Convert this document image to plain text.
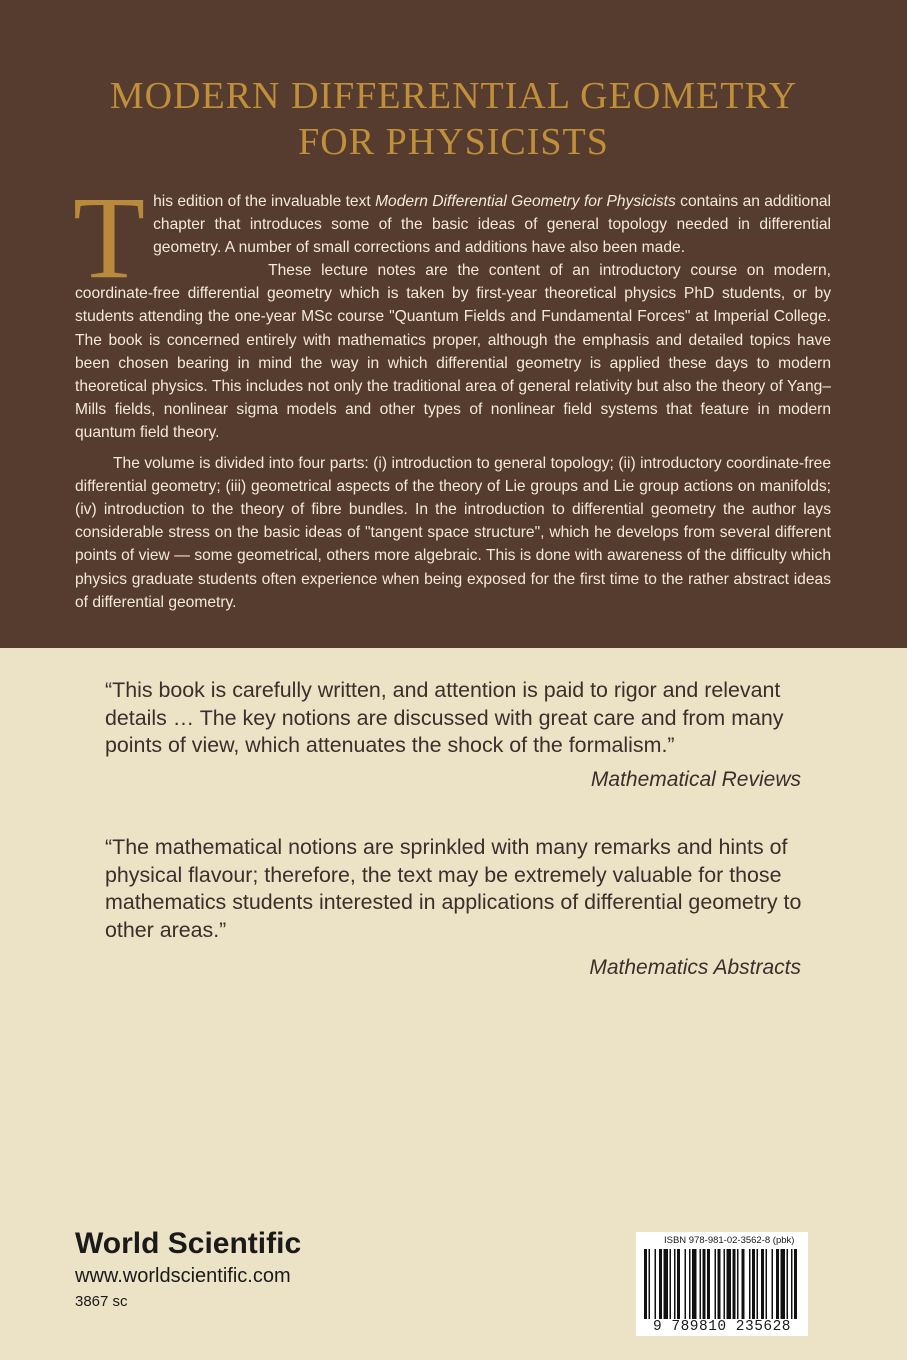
MODERN DIFFERENTIAL GEOMETRY
FOR PHYSICISTS

This edition of the invaluable text Modern Differential Geometry for Physicists contains an additional chapter that introduces some of the basic ideas of general topology needed in differential geometry. A number of small corrections and additions have also been made.

These lecture notes are the content of an introductory course on modern, coordinate-free differential geometry which is taken by first-year theoretical physics PhD students, or by students attending the one-year MSc course "Quantum Fields and Fundamental Forces" at Imperial College. The book is concerned entirely with mathematics proper, although the emphasis and detailed topics have been chosen bearing in mind the way in which differential geometry is applied these days to modern theoretical physics. This includes not only the traditional area of general relativity but also the theory of Yang–Mills fields, nonlinear sigma models and other types of nonlinear field systems that feature in modern quantum field theory.

The volume is divided into four parts: (i) introduction to general topology; (ii) introductory coordinate-free differential geometry; (iii) geometrical aspects of the theory of Lie groups and Lie group actions on manifolds; (iv) introduction to the theory of fibre bundles. In the introduction to differential geometry the author lays considerable stress on the basic ideas of "tangent space structure", which he develops from several different points of view — some geometrical, others more algebraic. This is done with awareness of the difficulty which physics graduate students often experience when being exposed for the first time to the rather abstract ideas of differential geometry.

“This book is carefully written, and attention is paid to rigor and relevant details … The key notions are discussed with great care and from many points of view, which attenuates the shock of the formalism.”
Mathematical Reviews
“The mathematical notions are sprinkled with many remarks and hints of physical flavour; therefore, the text may be extremely valuable for those mathematics students interested in applications of differential geometry to other areas.”
Mathematics Abstracts
World Scientific
www.worldscientific.com
3867 sc
ISBN 978-981-02-3562-8 (pbk)
9 789810 235628
